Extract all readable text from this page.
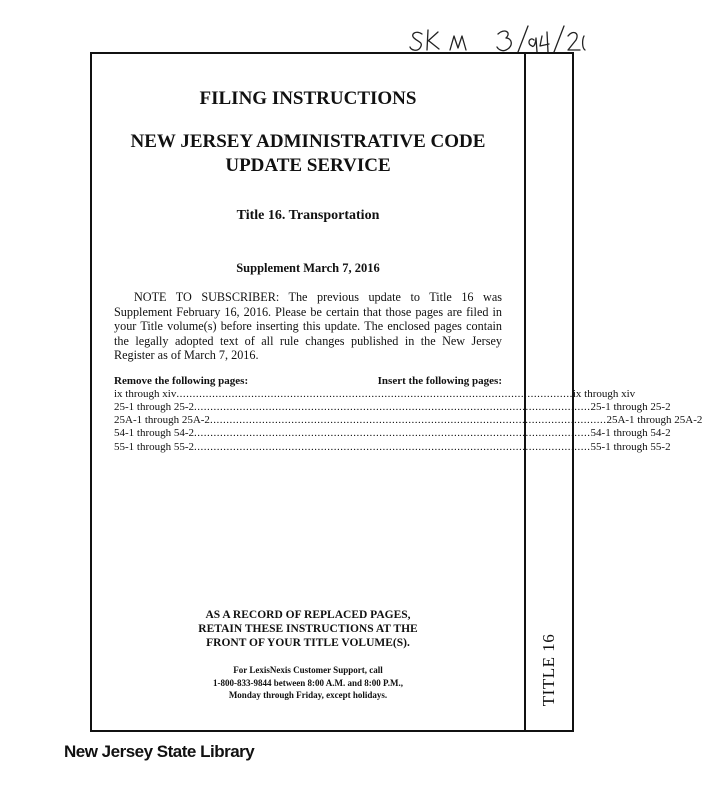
TITLE 16
FILING INSTRUCTIONS
NEW JERSEY ADMINISTRATIVE CODE
UPDATE SERVICE
Title 16. Transportation
Supplement March 7, 2016
NOTE TO SUBSCRIBER: The previous update to Title 16 was Supplement February 16, 2016. Please be certain that those pages are filed in your Title volume(s) before inserting this update. The enclosed pages contain the legally adopted text of all rule changes published in the New Jersey Register as of March 7, 2016.
Remove the following pages:	Insert the following pages:
ix through xiv .......................................................................................................................... ix through xiv
25-1 through 25-2 .......................................................................................................................... 25-1 through 25-2
25A-1 through 25A-2 .......................................................................................................................... 25A-1 through 25A-2
54-1 through 54-2 .......................................................................................................................... 54-1 through 54-2
55-1 through 55-2 .......................................................................................................................... 55-1 through 55-2
AS A RECORD OF REPLACED PAGES,
RETAIN THESE INSTRUCTIONS AT THE
FRONT OF YOUR TITLE VOLUME(S).
For LexisNexis Customer Support, call
1-800-833-9844 between 8:00 A.M. and 8:00 P.M.,
Monday through Friday, except holidays.
New Jersey State Library
